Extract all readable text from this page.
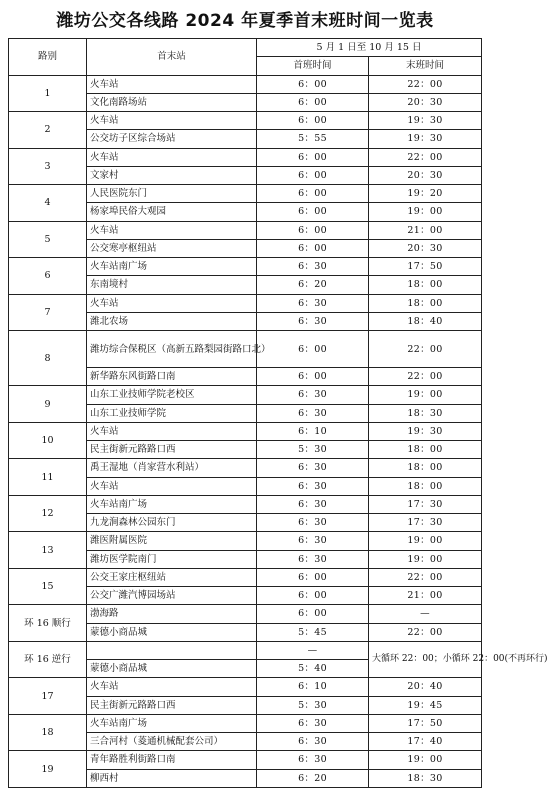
潍坊公交各线路 2024 年夏季首末班时间一览表
路别	首末站	5 月 1 日至 10 月 15 日	
		首班时间	末班时间
1	火车站	6：00	22：00
	文化南路场站	6：00	20：30
2	火车站	6：00	19：30
	公交坊子区综合场站	5：55	19：30
3	火车站	6：00	22：00
	文家村	6：00	20：30
4	人民医院东门	6：00	19：20
	杨家埠民俗大观园	6：00	19：00
5	火车站	6：00	21：00
	公交寒亭枢纽站	6：00	20：30
6	火车站南广场	6：30	17：50
	东南境村	6：20	18：00
7	火车站	6：30	18：00
	潍北农场	6：30	18：40
8	潍坊综合保税区（高新五路梨园街路口北）	6：00	22：00
	新华路东风街路口南	6：00	22：00
9	山东工业技师学院老校区	6：30	19：00
	山东工业技师学院	6：30	18：30
10	火车站	6：10	19：30
	民主街新元路路口西	5：30	18：00
11	禹王湿地（肖家营水利站）	6：30	18：00
	火车站	6：30	18：00
12	火车站南广场	6：30	17：30
	九龙涧森林公园东门	6：30	17：30
13	潍医附属医院	6：30	19：00
	潍坊医学院南门	6：30	19：00
15	公交王家庄枢纽站	6：00	22：00
	公交广潍汽博园场站	6：00	21：00
环 16 顺行	渤海路	6：00	—
	蒙德小商品城	5：45	22：00
环 16 逆行		—	大循环 22：00；小循环 22：00(不再环行)
	蒙德小商品城	5：40	
17	火车站	6：10	20：40
	民主街新元路路口西	5：30	19：45
18	火车站南广场	6：30	17：50
	三合河村（菱通机械配套公司）	6：30	17：40
19	青年路胜利街路口南	6：30	19：00
	柳西村	6：20	18：30
